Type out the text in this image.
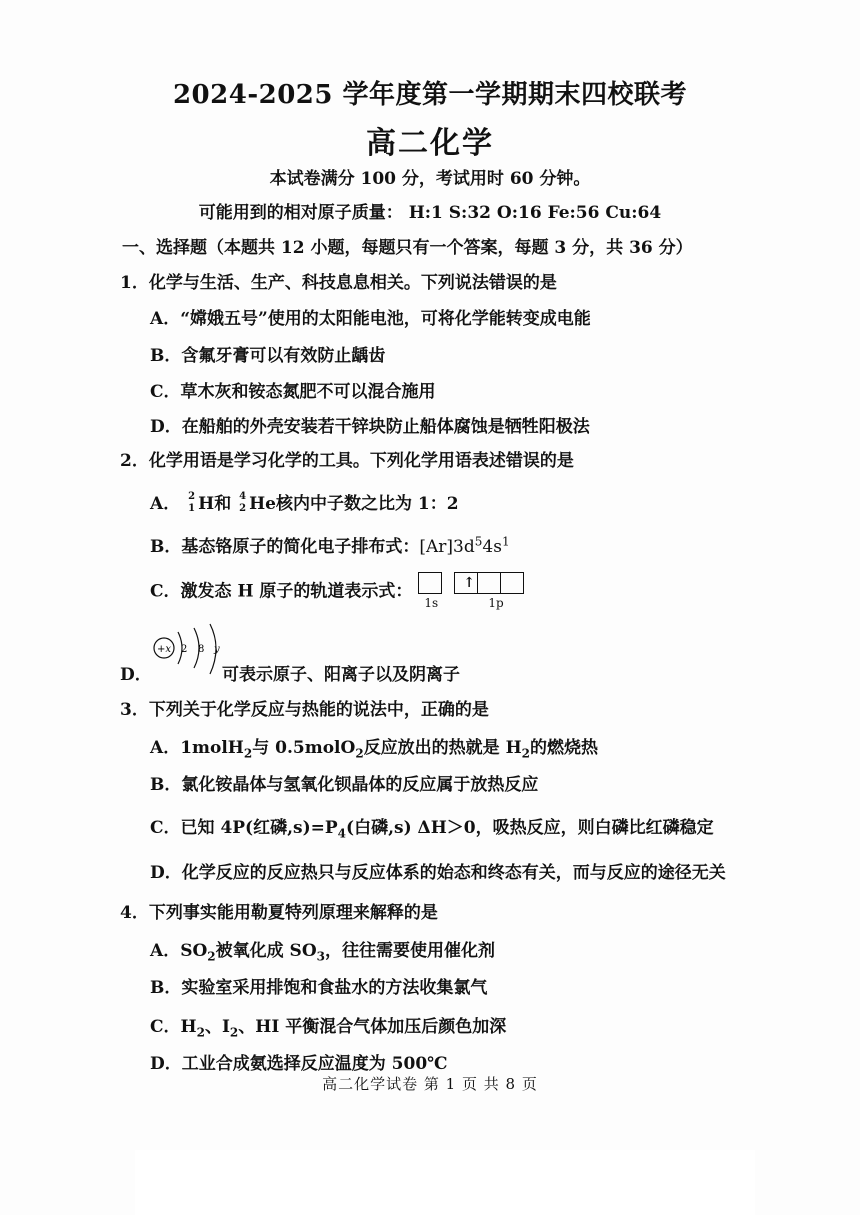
2024-2025 学年度第一学期期末四校联考
高二化学
本试卷满分 100 分，考试用时 60 分钟。
可能用到的相对原子质量： H:1 S:32 O:16 Fe:56 Cu:64
一、选择题（本题共 12 小题，每题只有一个答案，每题 3 分，共 36 分）
1．化学与生活、生产、科技息息相关。下列说法错误的是
A．“嫦娥五号”使用的太阳能电池，可将化学能转变成电能
B．含氟牙膏可以有效防止龋齿
C．草木灰和铵态氮肥不可以混合施用
D．在船舶的外壳安装若干锌块防止船体腐蚀是牺牲阳极法
2．化学用语是学习化学的工具。下列化学用语表述错误的是
A． 2
1 H和 4
2 He核内中子数之比为 1：2
B．基态铬原子的简化电子排布式：$[Ar]3d^54s^1$
C．激发态 H 原子的轨道表示式：
1s
↑
1p
+x 2 8 y
D．	可表示原子、阳离子以及阴离子
3．下列关于化学反应与热能的说法中，正确的是
A．1molH$_2$与 0.5molO$_2$反应放出的热就是 $H_2$的燃烧热
B．氯化铵晶体与氢氧化钡晶体的反应属于放热反应
C．已知 4P(红磷$,s)=P_4$(白磷,s) ΔH＞0，吸热反应，则白磷比红磷稳定
D．化学反应的反应热只与反应体系的始态和终态有关，而与反应的途径无关
4．下列事实能用勒夏特列原理来解释的是
A．$SO_2$被氧化成 $SO_3$，往往需要使用催化剂
B．实验室采用排饱和食盐水的方法收集氯气
C．$H_2$、$I_2$、HI 平衡混合气体加压后颜色加深
D．工业合成氨选择反应温度为 500℃
高二化学试卷 第 1 页 共 8 页
